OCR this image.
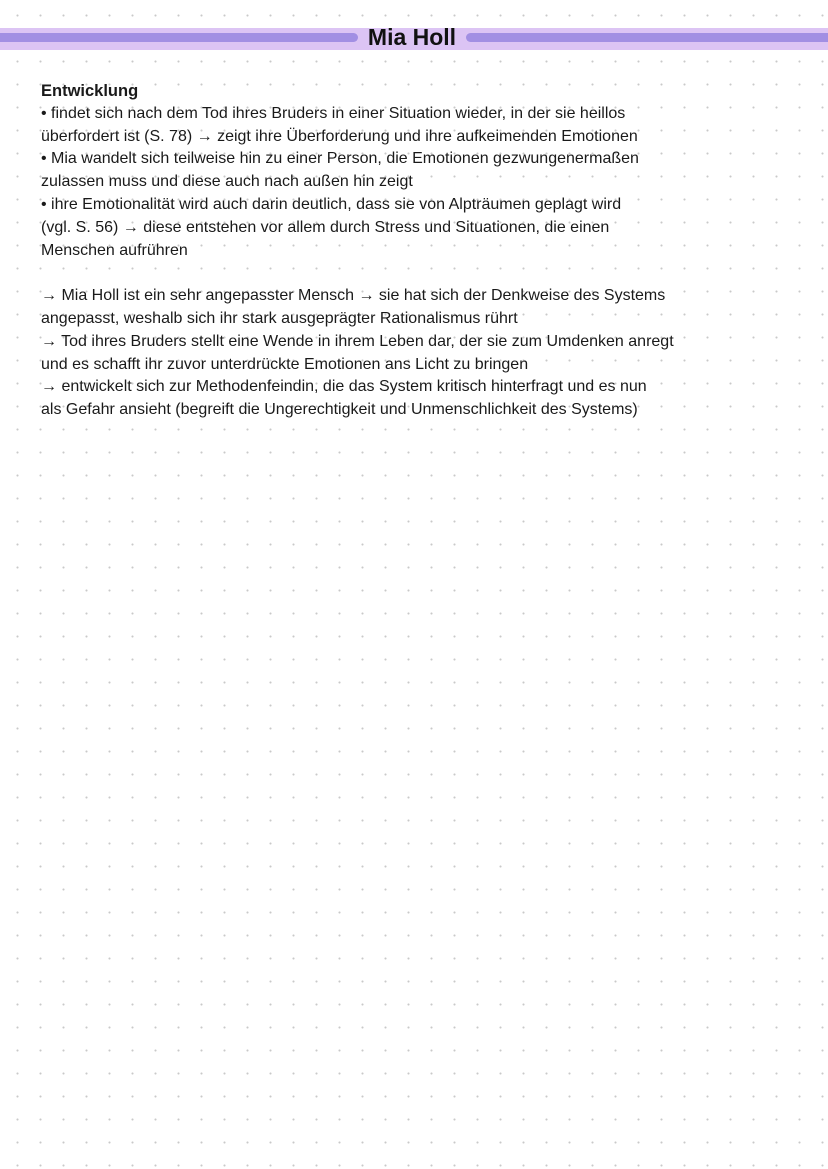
Mia Holl

Entwicklung

• findet sich nach dem Tod ihres Bruders in einer Situation wieder, in der sie heillos

überfordert ist (S. 78) → zeigt ihre Überforderung und ihre aufkeimenden Emotionen

• Mia wandelt sich teilweise hin zu einer Person, die Emotionen gezwungenermaßen

zulassen muss und diese auch nach außen hin zeigt

• ihre Emotionalität wird auch darin deutlich, dass sie von Alpträumen geplagt wird

(vgl. S. 56) → diese entstehen vor allem durch Stress und Situationen, die einen

Menschen aufrühren

→ Mia Holl ist ein sehr angepasster Mensch → sie hat sich der Denkweise des Systems

angepasst, weshalb sich ihr stark ausgeprägter Rationalismus rührt

→ Tod ihres Bruders stellt eine Wende in ihrem Leben dar, der sie zum Umdenken anregt

und es schafft ihr zuvor unterdrückte Emotionen ans Licht zu bringen

→ entwickelt sich zur Methodenfeindin, die das System kritisch hinterfragt und es nun

als Gefahr ansieht (begreift die Ungerechtigkeit und Unmenschlichkeit des Systems)
